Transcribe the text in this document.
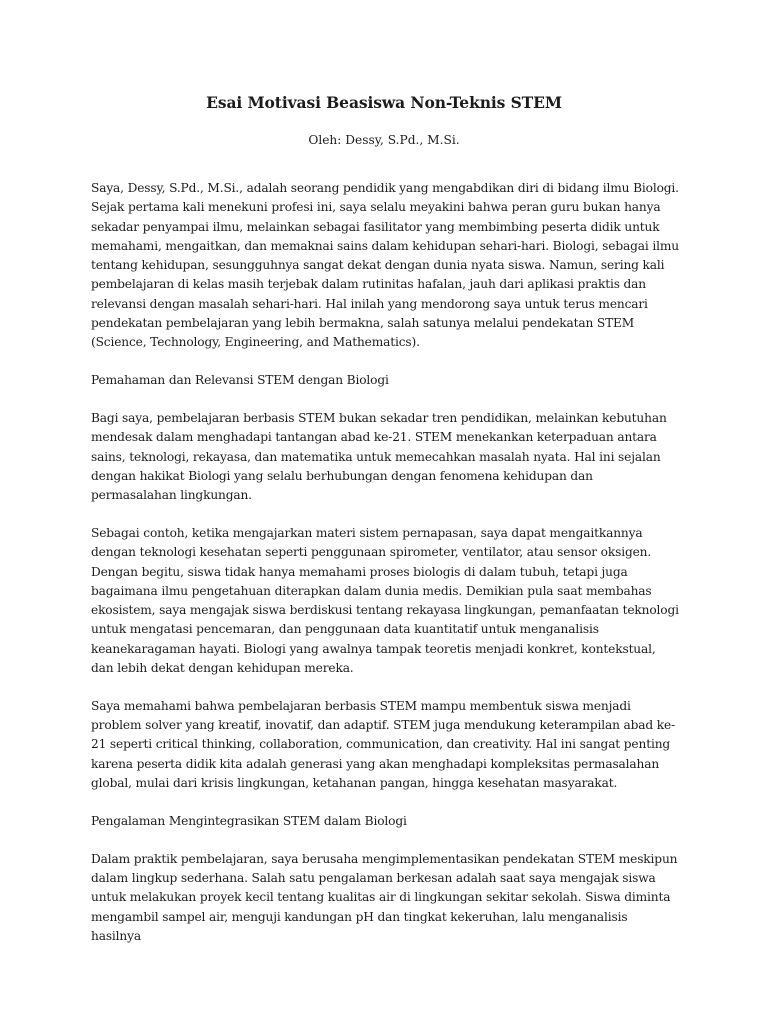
Esai Motivasi Beasiswa Non-Teknis STEM
Oleh: Dessy, S.Pd., M.Si.

Saya, Dessy, S.Pd., M.Si., adalah seorang pendidik yang mengabdikan diri di bidang ilmu Biologi. Sejak pertama kali menekuni profesi ini, saya selalu meyakini bahwa peran guru bukan hanya sekadar penyampai ilmu, melainkan sebagai fasilitator yang membimbing peserta didik untuk memahami, mengaitkan, dan memaknai sains dalam kehidupan sehari-hari. Biologi, sebagai ilmu tentang kehidupan, sesungguhnya sangat dekat dengan dunia nyata siswa. Namun, sering kali pembelajaran di kelas masih terjebak dalam rutinitas hafalan, jauh dari aplikasi praktis dan relevansi dengan masalah sehari-hari. Hal inilah yang mendorong saya untuk terus mencari pendekatan pembelajaran yang lebih bermakna, salah satunya melalui pendekatan STEM (Science, Technology, Engineering, and Mathematics).

Pemahaman dan Relevansi STEM dengan Biologi

Bagi saya, pembelajaran berbasis STEM bukan sekadar tren pendidikan, melainkan kebutuhan mendesak dalam menghadapi tantangan abad ke-21. STEM menekankan keterpaduan antara sains, teknologi, rekayasa, dan matematika untuk memecahkan masalah nyata. Hal ini sejalan dengan hakikat Biologi yang selalu berhubungan dengan fenomena kehidupan dan permasalahan lingkungan.

Sebagai contoh, ketika mengajarkan materi sistem pernapasan, saya dapat mengaitkannya dengan teknologi kesehatan seperti penggunaan spirometer, ventilator, atau sensor oksigen. Dengan begitu, siswa tidak hanya memahami proses biologis di dalam tubuh, tetapi juga bagaimana ilmu pengetahuan diterapkan dalam dunia medis. Demikian pula saat membahas ekosistem, saya mengajak siswa berdiskusi tentang rekayasa lingkungan, pemanfaatan teknologi untuk mengatasi pencemaran, dan penggunaan data kuantitatif untuk menganalisis keanekaragaman hayati. Biologi yang awalnya tampak teoretis menjadi konkret, kontekstual, dan lebih dekat dengan kehidupan mereka.

Saya memahami bahwa pembelajaran berbasis STEM mampu membentuk siswa menjadi problem solver yang kreatif, inovatif, dan adaptif. STEM juga mendukung keterampilan abad ke-21 seperti critical thinking, collaboration, communication, dan creativity. Hal ini sangat penting karena peserta didik kita adalah generasi yang akan menghadapi kompleksitas permasalahan global, mulai dari krisis lingkungan, ketahanan pangan, hingga kesehatan masyarakat.

Pengalaman Mengintegrasikan STEM dalam Biologi

Dalam praktik pembelajaran, saya berusaha mengimplementasikan pendekatan STEM meskipun dalam lingkup sederhana. Salah satu pengalaman berkesan adalah saat saya mengajak siswa untuk melakukan proyek kecil tentang kualitas air di lingkungan sekitar sekolah. Siswa diminta mengambil sampel air, menguji kandungan pH dan tingkat kekeruhan, lalu menganalisis hasilnya
